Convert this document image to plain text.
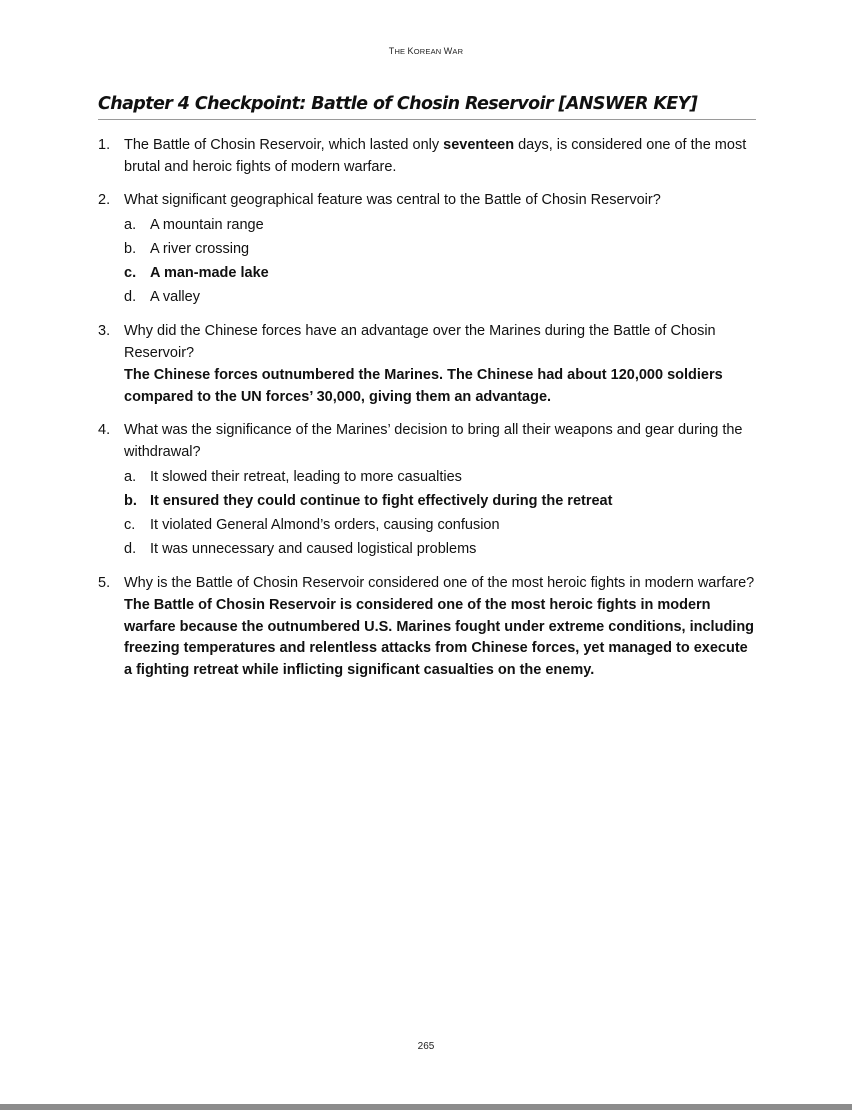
THE KOREAN WAR
Chapter 4 Checkpoint: Battle of Chosin Reservoir [ANSWER KEY]
1. The Battle of Chosin Reservoir, which lasted only seventeen days, is considered one of the most brutal and heroic fights of modern warfare.
2. What significant geographical feature was central to the Battle of Chosin Reservoir?
a. A mountain range
b. A river crossing
c. A man-made lake
d. A valley
3. Why did the Chinese forces have an advantage over the Marines during the Battle of Chosin Reservoir?
The Chinese forces outnumbered the Marines. The Chinese had about 120,000 soldiers compared to the UN forces’ 30,000, giving them an advantage.
4. What was the significance of the Marines’ decision to bring all their weapons and gear during the withdrawal?
a. It slowed their retreat, leading to more casualties
b. It ensured they could continue to fight effectively during the retreat
c. It violated General Almond’s orders, causing confusion
d. It was unnecessary and caused logistical problems
5. Why is the Battle of Chosin Reservoir considered one of the most heroic fights in modern warfare?
The Battle of Chosin Reservoir is considered one of the most heroic fights in modern warfare because the outnumbered U.S. Marines fought under extreme conditions, including freezing temperatures and relentless attacks from Chinese forces, yet managed to execute a fighting retreat while inflicting significant casualties on the enemy.
265
